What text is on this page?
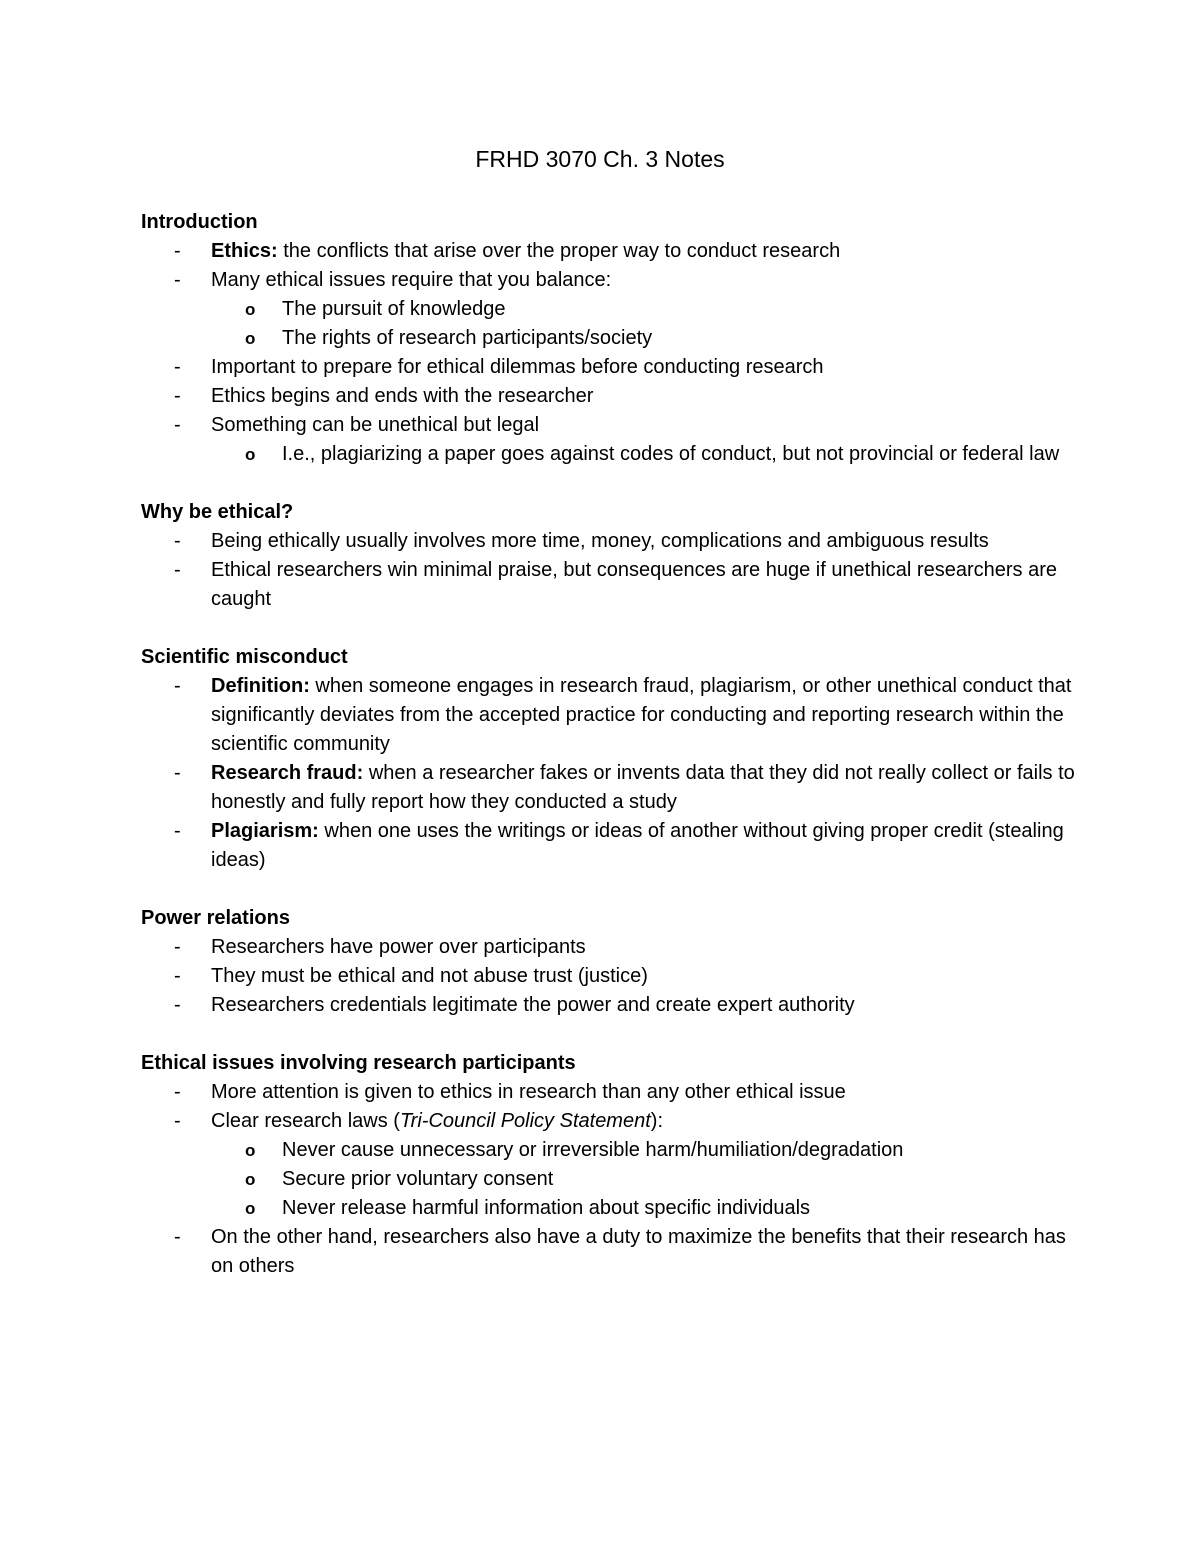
FRHD 3070 Ch. 3 Notes
Introduction
- Ethics: the conflicts that arise over the proper way to conduct research
- Many ethical issues require that you balance:
o The pursuit of knowledge
o The rights of research participants/society
- Important to prepare for ethical dilemmas before conducting research
- Ethics begins and ends with the researcher
- Something can be unethical but legal
o I.e., plagiarizing a paper goes against codes of conduct, but not provincial or federal law
Why be ethical?
- Being ethically usually involves more time, money, complications and ambiguous results
- Ethical researchers win minimal praise, but consequences are huge if unethical researchers are caught
Scientific misconduct
- Definition: when someone engages in research fraud, plagiarism, or other unethical conduct that significantly deviates from the accepted practice for conducting and reporting research within the scientific community
- Research fraud: when a researcher fakes or invents data that they did not really collect or fails to honestly and fully report how they conducted a study
- Plagiarism: when one uses the writings or ideas of another without giving proper credit (stealing ideas)
Power relations
- Researchers have power over participants
- They must be ethical and not abuse trust (justice)
- Researchers credentials legitimate the power and create expert authority
Ethical issues involving research participants
- More attention is given to ethics in research than any other ethical issue
- Clear research laws (Tri-Council Policy Statement):
o Never cause unnecessary or irreversible harm/humiliation/degradation
o Secure prior voluntary consent
o Never release harmful information about specific individuals
- On the other hand, researchers also have a duty to maximize the benefits that their research has on others
